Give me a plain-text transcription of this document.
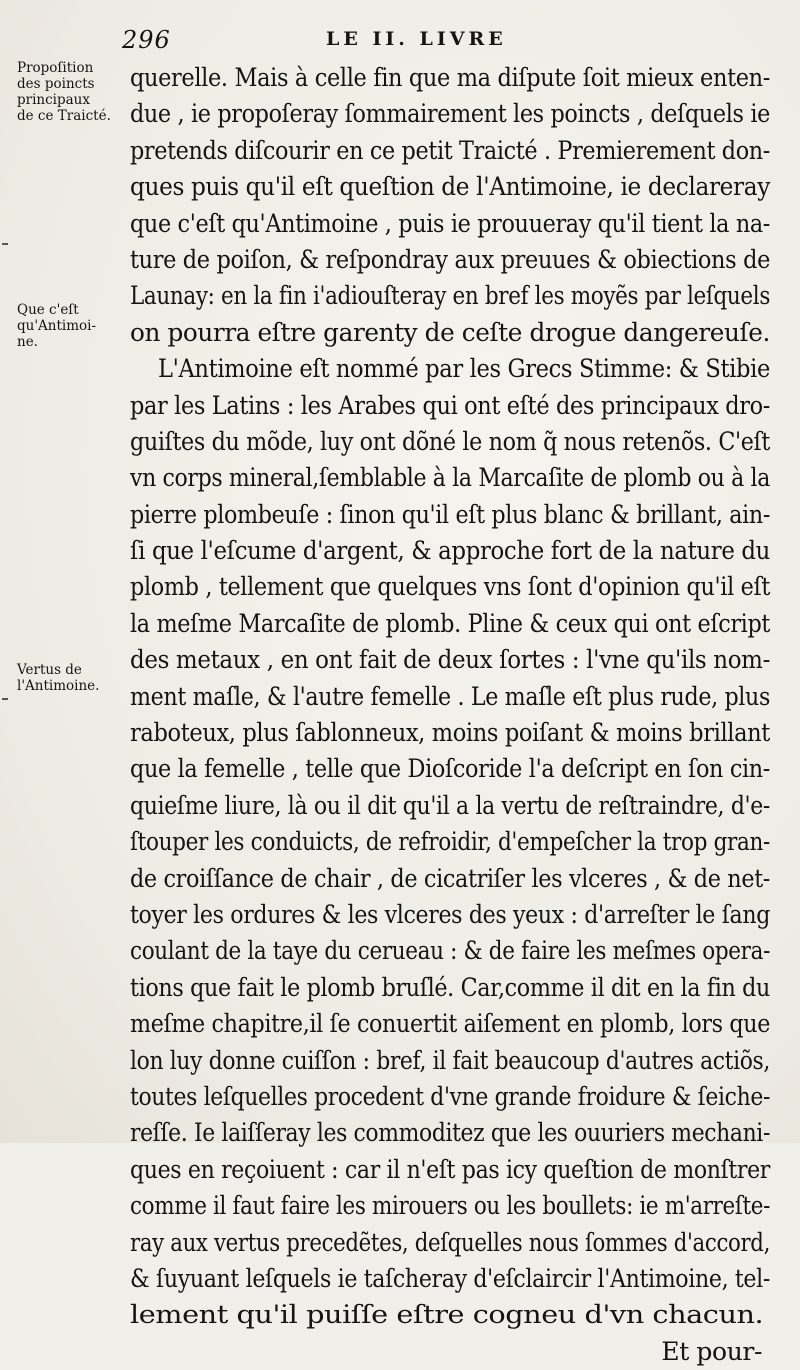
296	LE II. LIVRE
Propoſition
des poincts
principaux
de ce Traicté.
Que c'eſt
qu'Antimoi-
ne.
Vertus de
l'Antimoine.
querelle. Mais à celle fin que ma diſpute ſoit mieux enten-
due , ie propoſeray ſommairement les poincts , deſquels ie
pretends diſcourir en ce petit Traicté . Premierement don-
ques puis qu'il eſt queſtion de l'Antimoine, ie declareray
que c'eſt qu'Antimoine , puis ie prouueray qu'il tient la na-
ture de poiſon, & reſpondray aux preuues & obiections de
Launay: en la fin i'adiouſteray en bref les moyẽs par leſquels
on pourra eſtre garenty de ceſte drogue dangereuſe.
L'Antimoine eſt nommé par les Grecs Stimme: & Stibie
par les Latins : les Arabes qui ont eſté des principaux dro-
guiſtes du mõde, luy ont dõné le nom q̃ nous retenõs. C'eſt
vn corps mineral,ſemblable à la Marcaſite de plomb ou à la
pierre plombeuſe : ſinon qu'il eſt plus blanc & brillant, ain-
ſi que l'eſcume d'argent, & approche fort de la nature du
plomb , tellement que quelques vns ſont d'opinion qu'il eſt
la meſme Marcaſite de plomb. Pline & ceux qui ont eſcript
des metaux , en ont fait de deux ſortes : l'vne qu'ils nom-
ment maſle, & l'autre femelle . Le maſle eſt plus rude, plus
raboteux, plus ſablonneux, moins poiſant & moins brillant
que la femelle , telle que Dioſcoride l'a deſcript en ſon cin-
quieſme liure, là ou il dit qu'il a la vertu de reſtraindre, d'e-
ſtouper les conduicts, de refroidir, d'empeſcher la trop gran-
de croiſſance de chair , de cicatriſer les vlceres , & de net-
toyer les ordures & les vlceres des yeux : d'arreſter le ſang
coulant de la taye du cerueau : & de faire les meſmes opera-
tions que fait le plomb bruſlé. Car,comme il dit en la fin du
meſme chapitre,il ſe conuertit aiſement en plomb, lors que
lon luy donne cuiſſon : bref, il fait beaucoup d'autres actiõs,
toutes leſquelles procedent d'vne grande froidure & ſeiche-
reſſe. Ie laiſſeray les commoditez que les ouuriers mechani-
ques en reçoiuent : car il n'eſt pas icy queſtion de monſtrer
comme il faut faire les mirouers ou les boullets: ie m'arreſte-
ray aux vertus precedẽtes, deſquelles nous ſommes d'accord,
& ſuyuant leſquels ie taſcheray d'eſclaircir l'Antimoine, tel-
lement qu'il puiſſe eſtre cogneu d'vn chacun.
Et pour-
